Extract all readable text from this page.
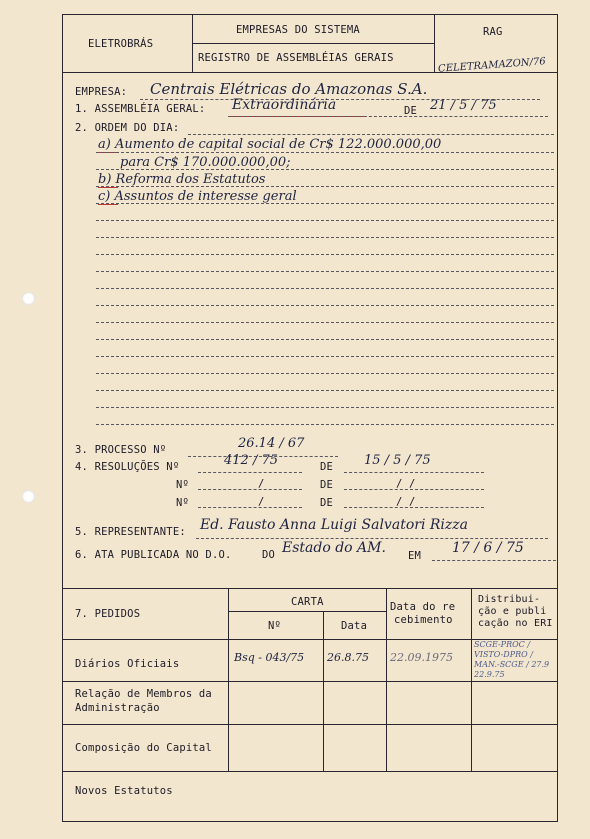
ELETROBRÁS
EMPRESAS DO SISTEMA
REGISTRO DE ASSEMBLÉIAS GERAIS
RAG
CELETRAMAZON/76
EMPRESA: Centrais Elétricas do Amazonas S.A.
1. ASSEMBLÉIA GERAL: Extraordinária	DE 21 / 5 / 75
2. ORDEM DO DIA:
a) Aumento de capital social de Cr$ 122.000.000,00
para Cr$ 170.000.000,00;
b) Reforma dos Estatutos
c) Assuntos de interesse geral
3. PROCESSO Nº	26.14 / 67
4. RESOLUÇÕES Nº	412 / 75	DE 15 / 5 / 75
Nº	/	DE	/ /
Nº	/	DE	/ /
5. REPRESENTANTE: Ed. Fausto Anna Luigi Salvatori Rizza
6. ATA PUBLICADA NO D.O.	DO Estado do AM. EM 17 / 6 / 75
7. PEDIDOS
CARTA
Nº	Data
Data do re
cebimento
Distribui-
ção e publi
cação no ERI
Diários Oficiais	Bsq - 043/75 26.8.75 22.09.1975
SCGE-PROC / VISTO-DPRO / MAN.-SCGE / 27.9 22.9.75
Relação de Membros da Administração
Composição do Capital
Novos Estatutos
